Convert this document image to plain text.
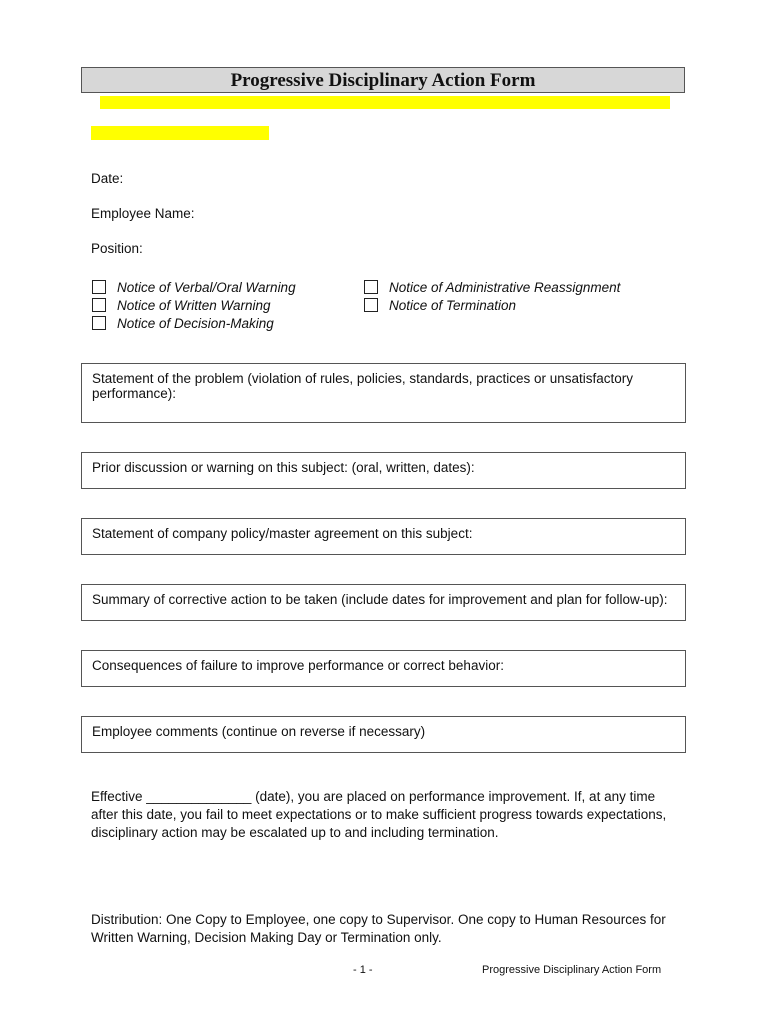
Progressive Disciplinary Action Form
Date:
Employee Name:
Position:
Notice of Verbal/Oral Warning
Notice of Written Warning
Notice of Decision-Making
Notice of Administrative Reassignment
Notice of Termination
Statement of the problem (violation of rules, policies, standards, practices or unsatisfactory performance):
Prior discussion or warning on this subject: (oral, written, dates):
Statement of company policy/master agreement on this subject:
Summary of corrective action to be taken (include dates for improvement and plan for follow-up):
Consequences of failure to improve performance or correct behavior:
Employee comments (continue on reverse if necessary)
Effective ______________ (date), you are placed on performance improvement. If, at any time after this date, you fail to meet expectations or to make sufficient progress towards expectations, disciplinary action may be escalated up to and including termination.
Distribution: One Copy to Employee, one copy to Supervisor. One copy to Human Resources for Written Warning, Decision Making Day or Termination only.
- 1 -	Progressive Disciplinary Action Form
